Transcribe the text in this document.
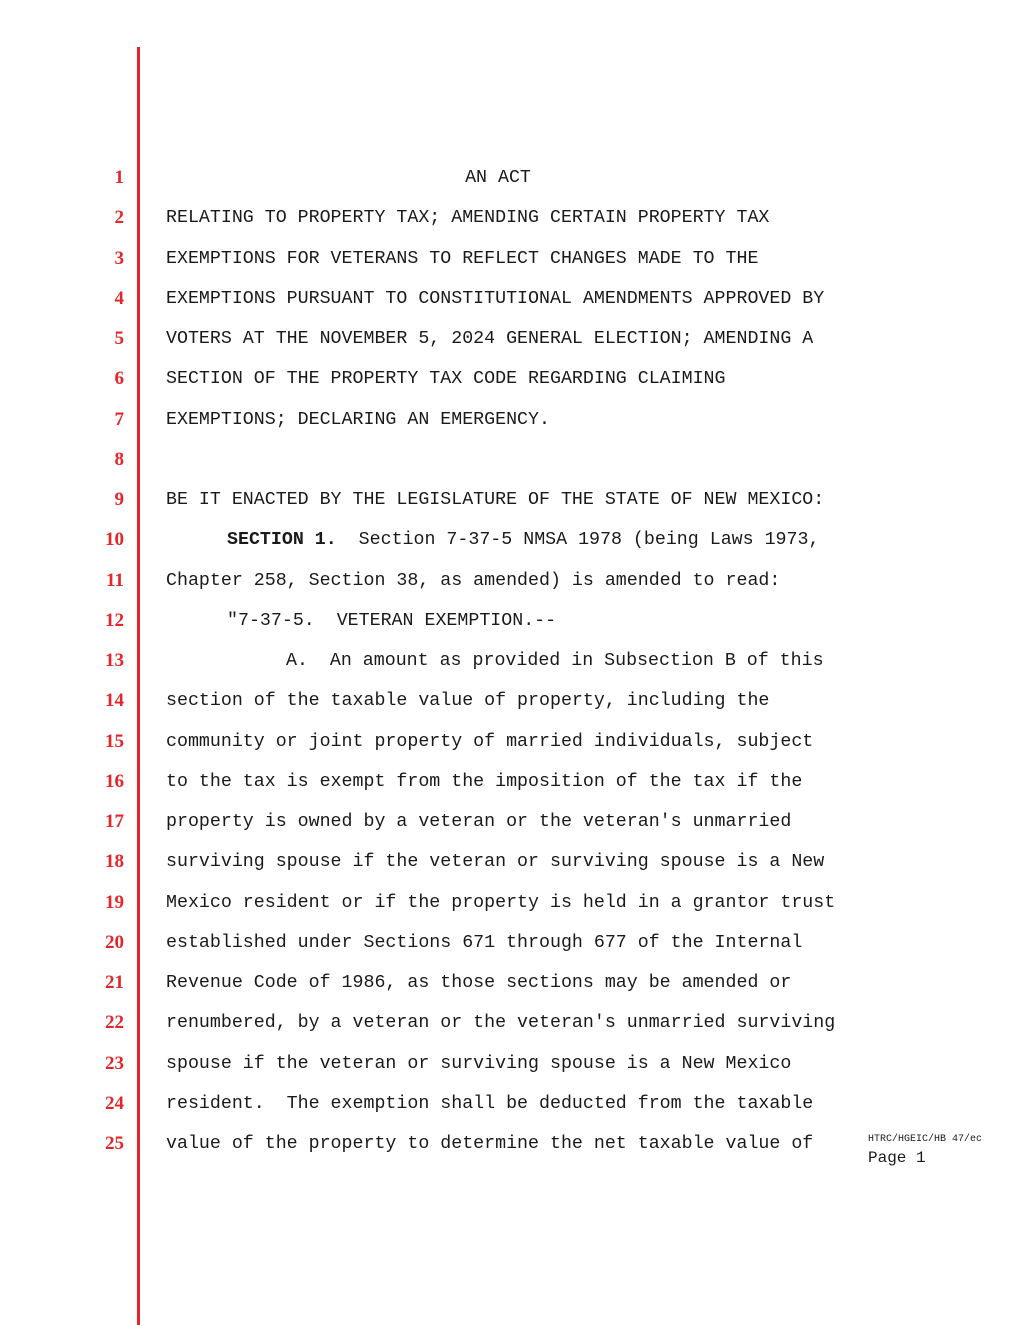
1
2
3
4
5
6
7
8
9
10
11
12
13
14
15
16
17
18
19
20
21
22
23
24
25
AN ACT
RELATING TO PROPERTY TAX; AMENDING CERTAIN PROPERTY TAX
EXEMPTIONS FOR VETERANS TO REFLECT CHANGES MADE TO THE
EXEMPTIONS PURSUANT TO CONSTITUTIONAL AMENDMENTS APPROVED BY
VOTERS AT THE NOVEMBER 5, 2024 GENERAL ELECTION; AMENDING A
SECTION OF THE PROPERTY TAX CODE REGARDING CLAIMING
EXEMPTIONS; DECLARING AN EMERGENCY.
BE IT ENACTED BY THE LEGISLATURE OF THE STATE OF NEW MEXICO:
SECTION 1.  Section 7-37-5 NMSA 1978 (being Laws 1973,
Chapter 258, Section 38, as amended) is amended to read:
"7-37-5.  VETERAN EXEMPTION.--
A.  An amount as provided in Subsection B of this
section of the taxable value of property, including the
community or joint property of married individuals, subject
to the tax is exempt from the imposition of the tax if the
property is owned by a veteran or the veteran's unmarried
surviving spouse if the veteran or surviving spouse is a New
Mexico resident or if the property is held in a grantor trust
established under Sections 671 through 677 of the Internal
Revenue Code of 1986, as those sections may be amended or
renumbered, by a veteran or the veteran's unmarried surviving
spouse if the veteran or surviving spouse is a New Mexico
resident.  The exemption shall be deducted from the taxable
value of the property to determine the net taxable value of	HTRC/HGEIC/HB 47/ec
Page 1
